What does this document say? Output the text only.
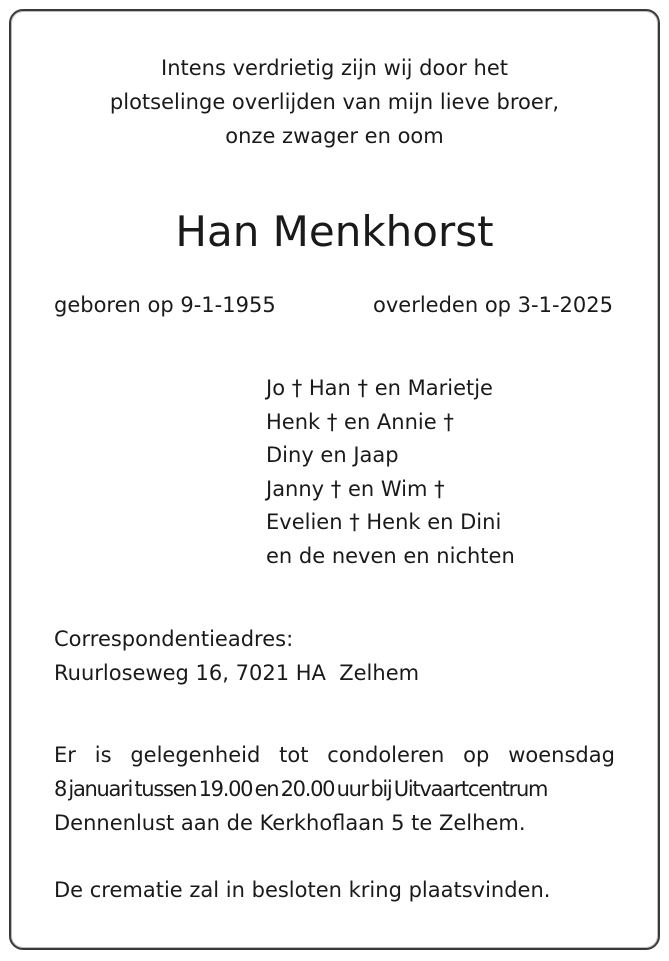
Intens verdrietig zijn wij door het
plotselinge overlijden van mijn lieve broer,
onze zwager en oom
Han Menkhorst
geboren op 9-1-1955	overleden op 3-1-2025
Jo † Han † en Marietje
Henk † en Annie †
Diny en Jaap
Janny † en Wim †
Evelien † Henk en Dini
en de neven en nichten
Correspondentieadres:
Ruurloseweg 16, 7021 HA  Zelhem
Er is gelegenheid tot condoleren op woensdag
8 januari tussen 19.00 en 20.00 uur bij Uitvaartcentrum
Dennenlust aan de Kerkhoflaan 5 te Zelhem.
De crematie zal in besloten kring plaatsvinden.
